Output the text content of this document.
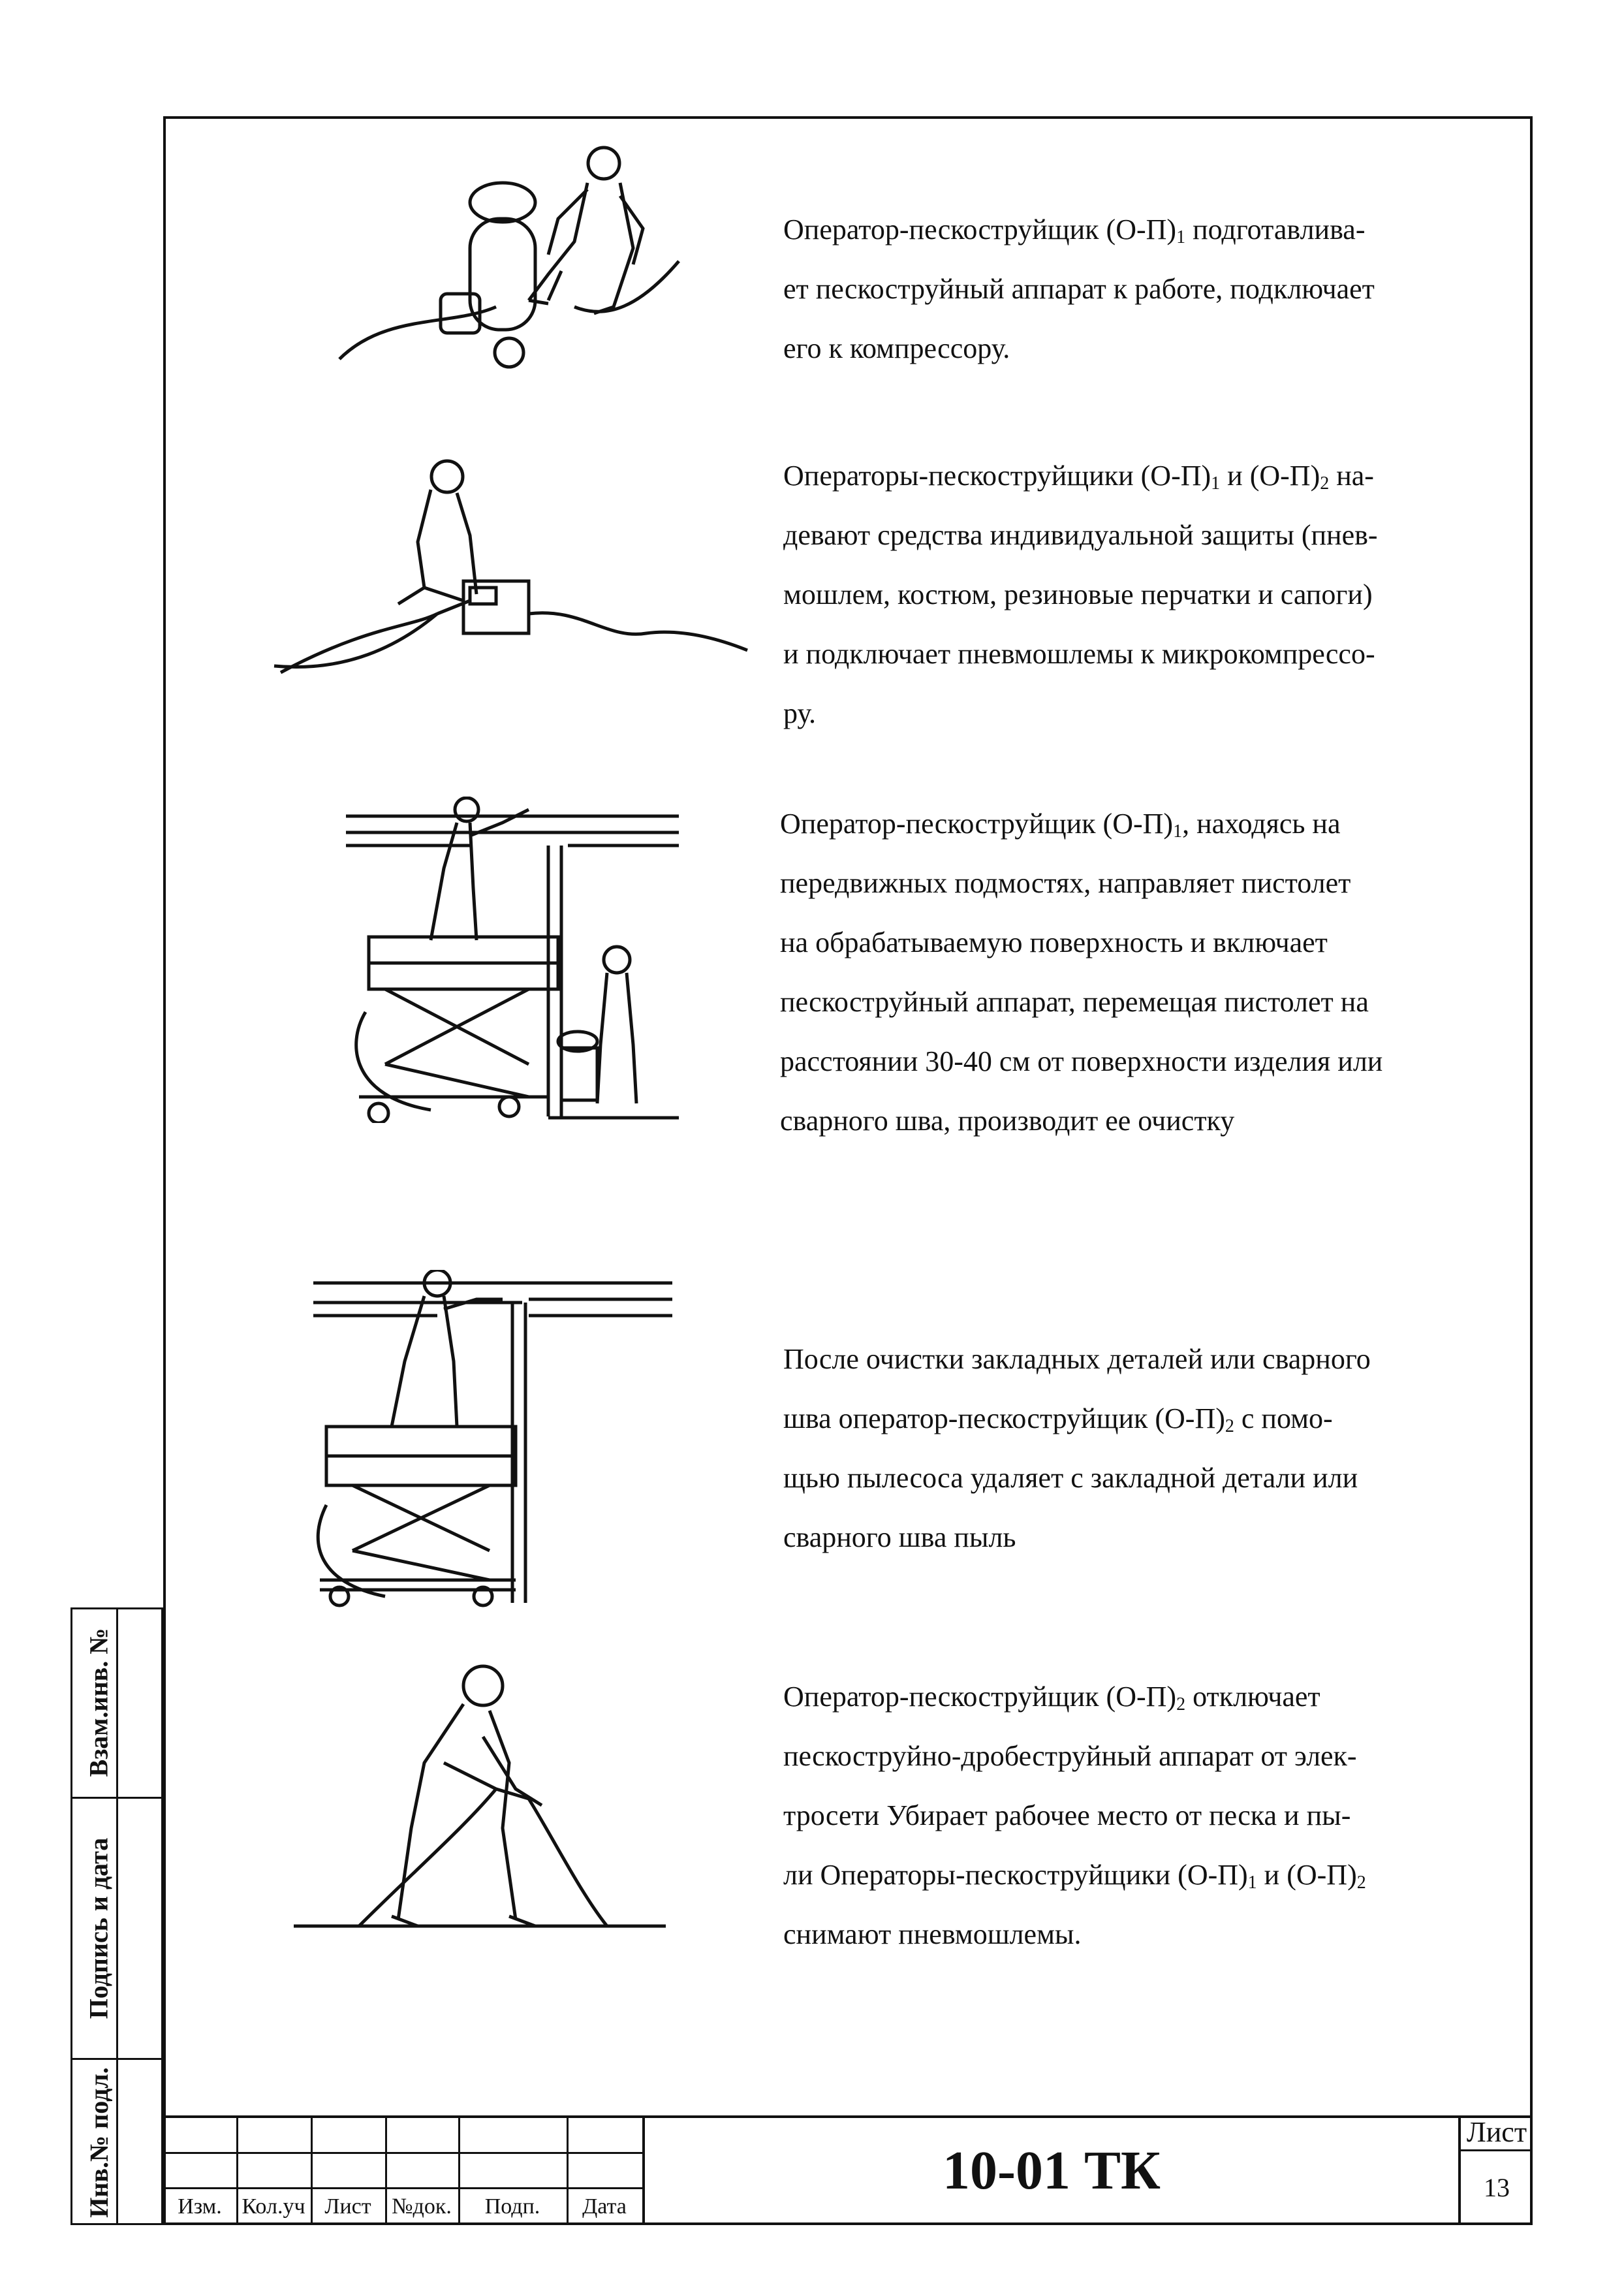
Инв.№ подл.
Подпись и дата
Взам.инв. №
Оператор-пескоструйщик $(О-П)_1$ подготавлива-
ет пескоструйный аппарат к работе, подключает
его к компрессору.
Операторы-пескоструйщики $(О-П)_1$ и $(О-П)_2$ на-
девают средства индивидуальной защиты (пнев-
мошлем, костюм, резиновые перчатки и сапоги)
и подключает пневмошлемы к микрокомпрессо-
ру.
Оператор-пескоструйщик $(О-П)_1$, находясь на
передвижных подмостях, направляет пистолет
на обрабатываемую поверхность и включает
пескоструйный аппарат, перемещая пистолет на
расстоянии 30-40 см от поверхности изделия или
сварного шва, производит ее очистку
После очистки закладных деталей или сварного
шва оператор-пескоструйщик $(О-П)_2$ с помо-
щью пылесоса удаляет с закладной детали или
сварного шва пыль
Оператор-пескоструйщик $(О-П)_2$ отключает
пескоструйно-дробеструйный аппарат от элек-
тросети Убирает рабочее место от песка и пы-
ли Операторы-пескоструйщики $(О-П)_1$ и $(О-П)_2$
снимают пневмошлемы.
Изм. Кол.уч Лист №док.	Подп.	Дата
10-01 ТК
Лист
13
